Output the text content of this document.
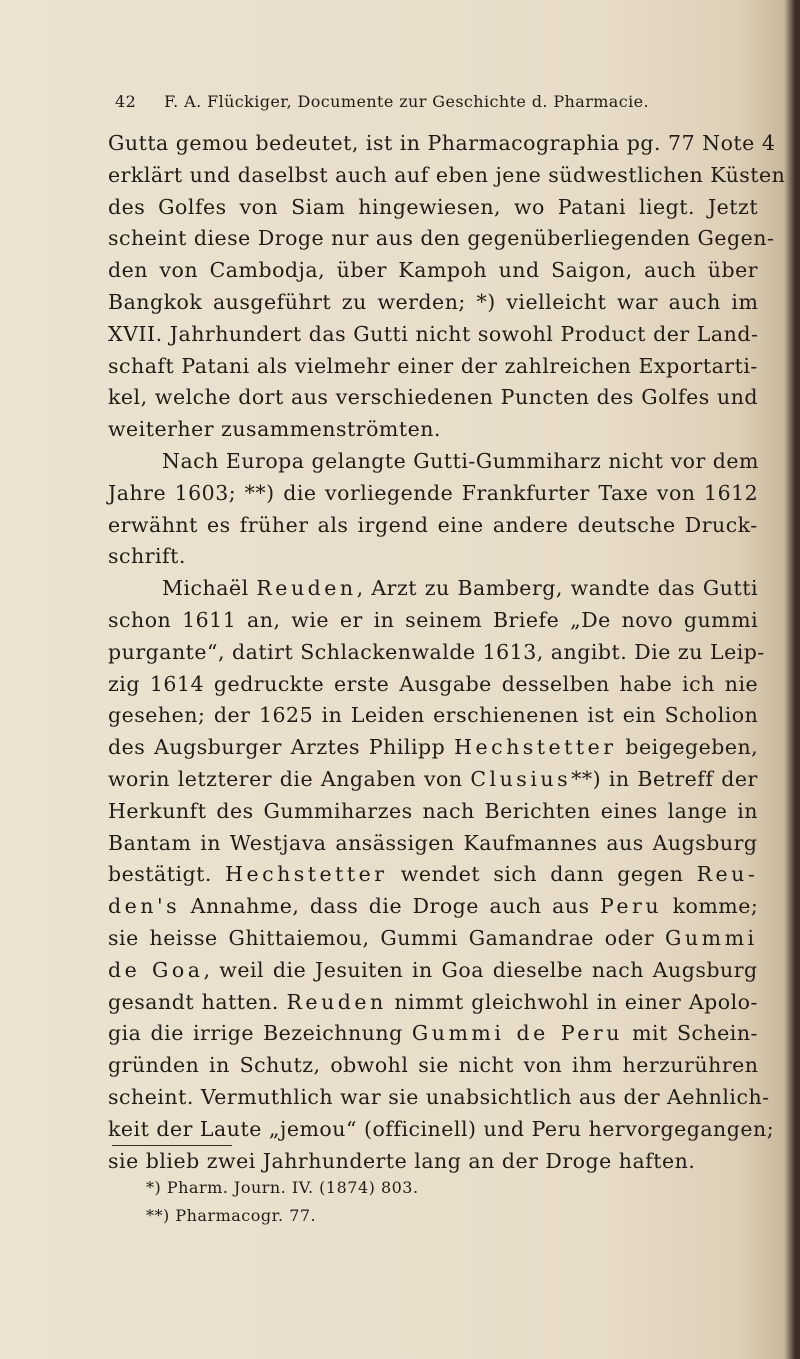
42 F. A. Flückiger, Documente zur Geschichte d. Pharmacie.
Gutta gemou bedeutet, ist in Pharmacographia pg. 77 Note 4
erklärt und daselbst auch auf eben jene südwestlichen Küsten
des Golfes von Siam hingewiesen, wo Patani liegt. Jetzt
scheint diese Droge nur aus den gegenüberliegenden Gegen-
den von Cambodja, über Kampoh und Saigon, auch über
Bangkok ausgeführt zu werden; *) vielleicht war auch im
XVII. Jahrhundert das Gutti nicht sowohl Product der Land-
schaft Patani als vielmehr einer der zahlreichen Exportarti-
kel, welche dort aus verschiedenen Puncten des Golfes und
weiterher zusammenströmten.
Nach Europa gelangte Gutti-Gummiharz nicht vor dem
Jahre 1603; **) die vorliegende Frankfurter Taxe von 1612
erwähnt es früher als irgend eine andere deutsche Druck-
schrift.
Michaël Reuden, Arzt zu Bamberg, wandte das Gutti
schon 1611 an, wie er in seinem Briefe „De novo gummi
purgante“, datirt Schlackenwalde 1613, angibt. Die zu Leip-
zig 1614 gedruckte erste Ausgabe desselben habe ich nie
gesehen; der 1625 in Leiden erschienenen ist ein Scholion
des Augsburger Arztes Philipp Hechstetter beigegeben,
worin letzterer die Angaben von Clusius**) in Betreff der
Herkunft des Gummiharzes nach Berichten eines lange in
Bantam in Westjava ansässigen Kaufmannes aus Augsburg
bestätigt. Hechstetter wendet sich dann gegen Reu-
den's Annahme, dass die Droge auch aus Peru komme;
sie heisse Ghittaiemou, Gummi Gamandrae oder Gummi
de Goa, weil die Jesuiten in Goa dieselbe nach Augsburg
gesandt hatten. Reuden nimmt gleichwohl in einer Apolo-
gia die irrige Bezeichnung Gummi de Peru mit Schein-
gründen in Schutz, obwohl sie nicht von ihm herzurühren
scheint. Vermuthlich war sie unabsichtlich aus der Aehnlich-
keit der Laute „jemou“ (officinell) und Peru hervorgegangen;
sie blieb zwei Jahrhunderte lang an der Droge haften.
*) Pharm. Journ. IV. (1874) 803.
**) Pharmacogr. 77.
